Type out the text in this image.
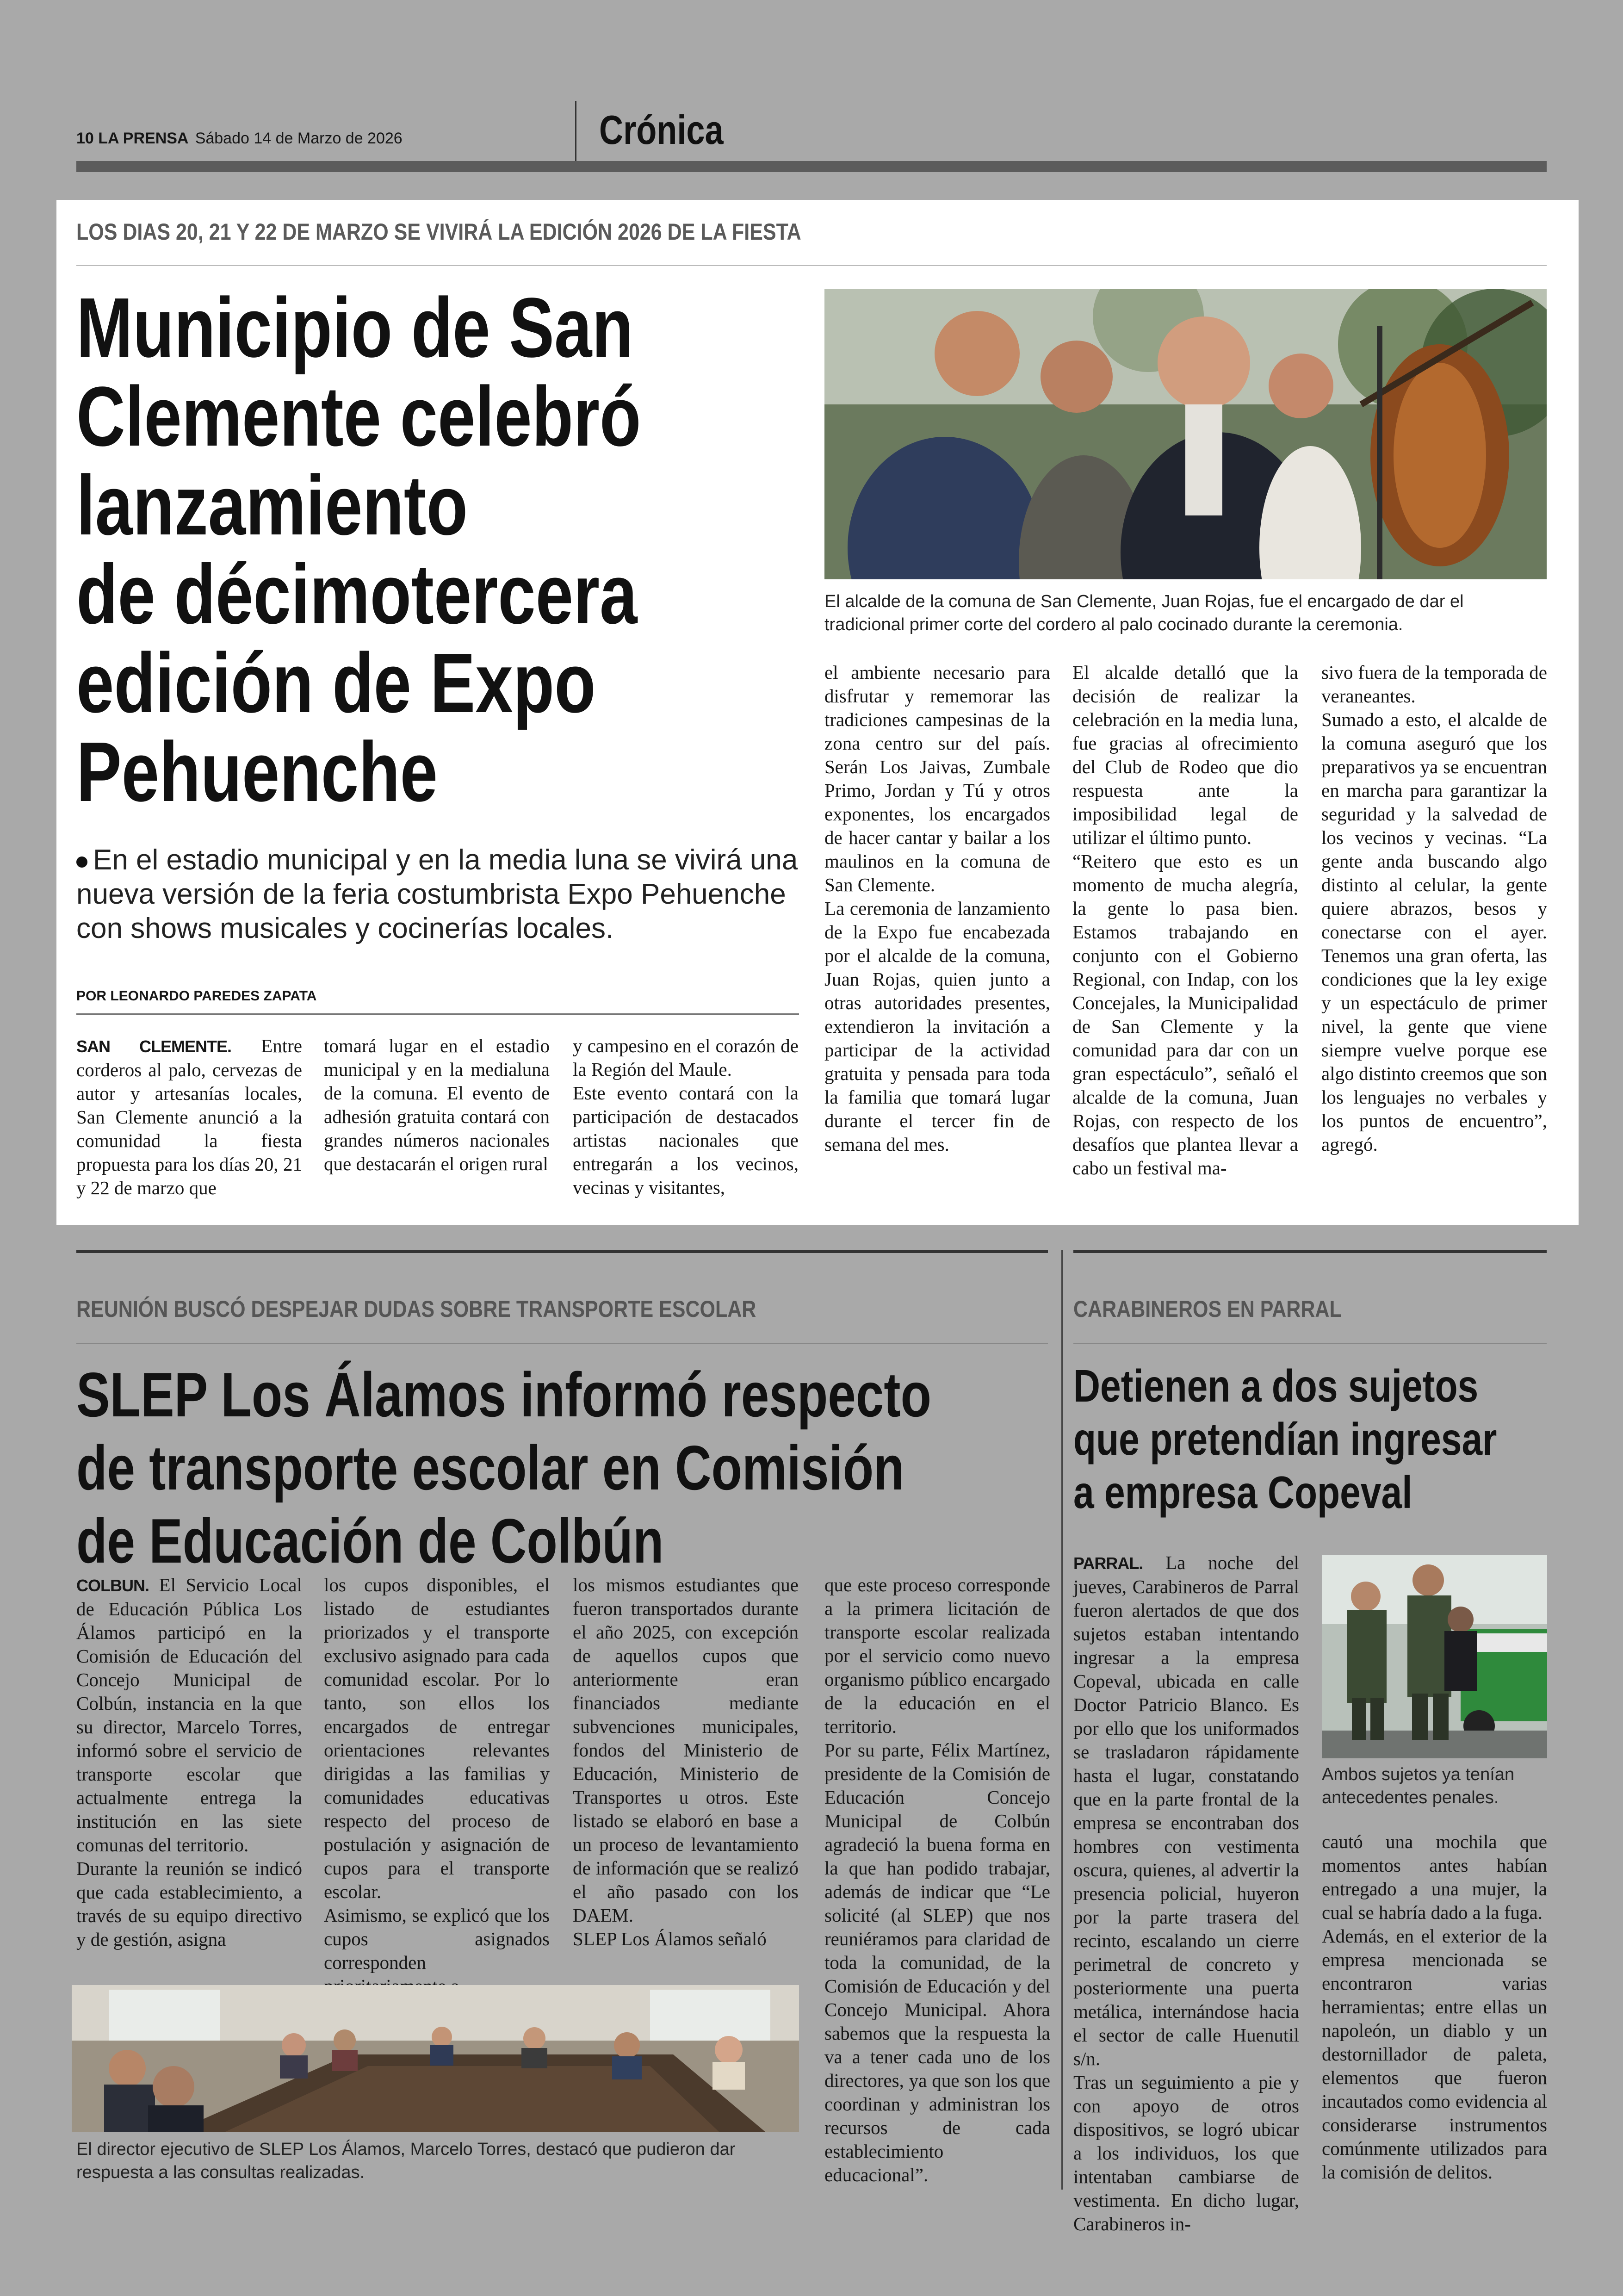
10 LA PRENSA Sábado 14 de Marzo de 2026	Crónica
LOS DIAS 20, 21 Y 22 DE MARZO SE VIVIRÁ LA EDICIÓN 2026 DE LA FIESTA
Municipio de San
Clemente celebró
lanzamiento
de décimotercera
edición de Expo
Pehuenche
En el estadio municipal y en la media luna se vivirá una nueva versión de la feria costumbrista Expo Pehuenche con shows musicales y cocinerías locales.
POR LEONARDO PAREDES ZAPATA

SAN CLEMENTE. Entre corderos al palo, cervezas de autor y artesanías locales, San Clemente anunció a la comunidad la fiesta propuesta para los días 20, 21 y 22 de marzo que

tomará lugar en el estadio municipal y en la medialuna de la comuna. El evento de adhesión gratuita contará con grandes números nacionales que destacarán el origen rural

y campesino en el corazón de la Región del Maule.

Este evento contará con la participación de destacados artistas nacionales que entregarán a los vecinos, vecinas y visitantes,

El alcalde de la comuna de San Clemente, Juan Rojas, fue el encargado de dar el tradicional primer corte del cordero al palo cocinado durante la ceremonia.

el ambiente necesario para disfrutar y rememorar las tradiciones campesinas de la zona centro sur del país. Serán Los Jaivas, Zumbale Primo, Jordan y Tú y otros exponentes, los encargados de hacer cantar y bailar a los maulinos en la comuna de San Clemente.

La ceremonia de lanzamiento de la Expo fue encabezada por el alcalde de la comuna, Juan Rojas, quien junto a otras autoridades presentes, extendieron la invitación a participar de la actividad gratuita y pensada para toda la familia que tomará lugar durante el tercer fin de semana del mes.

El alcalde detalló que la decisión de realizar la celebración en la media luna, fue gracias al ofrecimiento del Club de Rodeo que dio respuesta ante la imposibilidad legal de utilizar el último punto.

“Reitero que esto es un momento de mucha alegría, la gente lo pasa bien. Estamos trabajando en conjunto con el Gobierno Regional, con Indap, con los Concejales, la Municipalidad de San Clemente y la comunidad para dar con un gran espectáculo”, señaló el alcalde de la comuna, Juan Rojas, con respecto de los desafíos que plantea llevar a cabo un festival ma-

sivo fuera de la temporada de veraneantes.

Sumado a esto, el alcalde de la comuna aseguró que los preparativos ya se encuentran en marcha para garantizar la seguridad y la salvedad de los vecinos y vecinas. “La gente anda buscando algo distinto al celular, la gente quiere abrazos, besos y conectarse con el ayer. Tenemos una gran oferta, las condiciones que la ley exige y un espectáculo de primer nivel, la gente que viene siempre vuelve porque ese algo distinto creemos que son los lenguajes no verbales y los puntos de encuentro”, agregó.

REUNIÓN BUSCÓ DESPEJAR DUDAS SOBRE TRANSPORTE ESCOLAR
SLEP Los Álamos informó respecto
de transporte escolar en Comisión
de Educación de Colbún

COLBUN. El Servicio Local de Educación Pública Los Álamos participó en la Comisión de Educación del Concejo Municipal de Colbún, instancia en la que su director, Marcelo Torres, informó sobre el servicio de transporte escolar que actualmente entrega la institución en las siete comunas del territorio.

Durante la reunión se indicó que cada establecimiento, a través de su equipo directivo y de gestión, asigna

los cupos disponibles, el listado de estudiantes priorizados y el transporte exclusivo asignado para cada comunidad escolar. Por lo tanto, son ellos los encargados de entregar orientaciones relevantes dirigidas a las familias y comunidades educativas respecto del proceso de postulación y asignación de cupos para el transporte escolar.

Asimismo, se explicó que los cupos asignados corresponden

los mismos estudiantes que fueron transportados durante el año 2025, con excepción de aquellos cupos que anteriormente eran financiados mediante subvenciones municipales, fondos del Ministerio de Educación, Ministerio de Transportes u otros. Este listado se elaboró en base a un proceso de levantamiento de información que se realizó el año pasado con los DAEM.

SLEP Los Álamos señaló

que este proceso corresponde a la primera licitación de transporte escolar realizada por el servicio como nuevo organismo público encargado de la educación en el territorio.

Por su parte, Félix Martínez, presidente de la Comisión de Educación Concejo Municipal de Colbún agradeció la buena forma en la que han podido trabajar, además de indicar que “Le solicité (al SLEP) que nos reuniéramos para claridad de toda la comunidad, de la Comisión de Educación y del Concejo Municipal. Ahora sabemos que la respuesta la va a tener cada uno de los directores, ya que son los que coordinan y administran los recursos de cada establecimiento educacional”.

El director ejecutivo de SLEP Los Álamos, Marcelo Torres, destacó que pudieron dar respuesta a las consultas realizadas.
CARABINEROS EN PARRAL
Detienen a dos sujetos
que pretendían ingresar
a empresa Copeval

PARRAL. La noche del jueves, Carabineros de Parral fueron alertados de que dos sujetos estaban intentando ingresar a la empresa Copeval, ubicada en calle Doctor Patricio Blanco. Es por ello que los uniformados se trasladaron rápidamente hasta el lugar, constatando que en la parte frontal de la empresa se encontraban dos hombres con vestimenta oscura, quienes, al advertir la presencia policial, huyeron por la parte trasera del recinto, escalando un cierre perimetral de concreto y posteriormente una puerta metálica, internándose hacia el sector de calle Huenutil s/n.

Tras un seguimiento a pie y con apoyo de otros dispositivos, se logró ubicar a los individuos, los que intentaban cambiarse de vestimenta. En dicho lugar, Carabineros in-

Ambos sujetos ya tenían antecedentes penales.

cautó una mochila que momentos antes habían entregado a una mujer, la cual se habría dado a la fuga.

Además, en el exterior de la empresa mencionada se encontraron varias herramientas; entre ellas un napoleón, un diablo y un destornillador de paleta, elementos que fueron incautados como evidencia al considerarse instrumentos comúnmente utilizados para la comisión de delitos.
